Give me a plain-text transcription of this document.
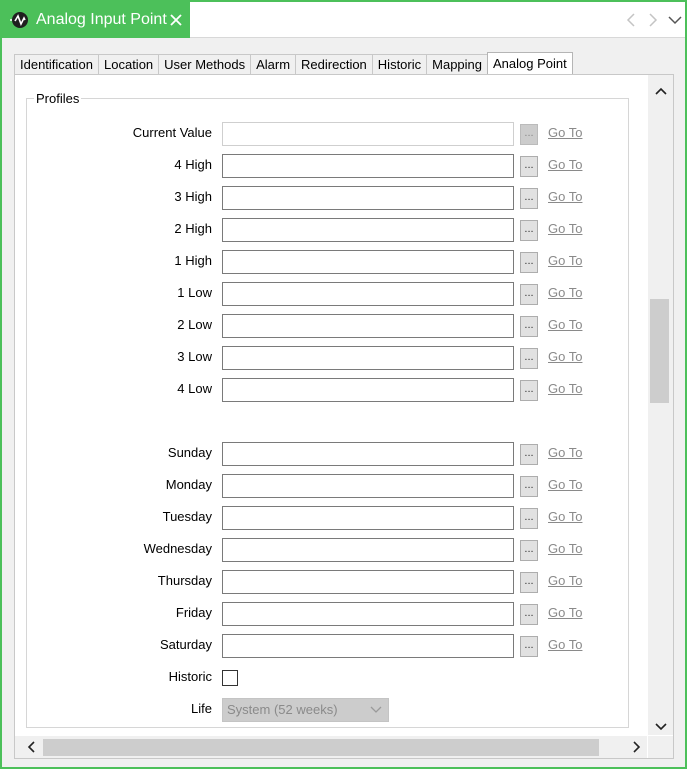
Analog Input Point
Identification Location User Methods Alarm Redirection Historic Mapping Analog Point
Profiles
Current Value	...	Go To
4 High	...	Go To
3 High	...	Go To
2 High	...	Go To
1 High	...	Go To
1 Low	...	Go To
2 Low	...	Go To
3 Low	...	Go To
4 Low	...	Go To
Sunday	...	Go To
Monday	...	Go To
Tuesday	...	Go To
Wednesday	...	Go To
Thursday	...	Go To
Friday	...	Go To
Saturday	...	Go To
Historic
Life	System (52 weeks)
